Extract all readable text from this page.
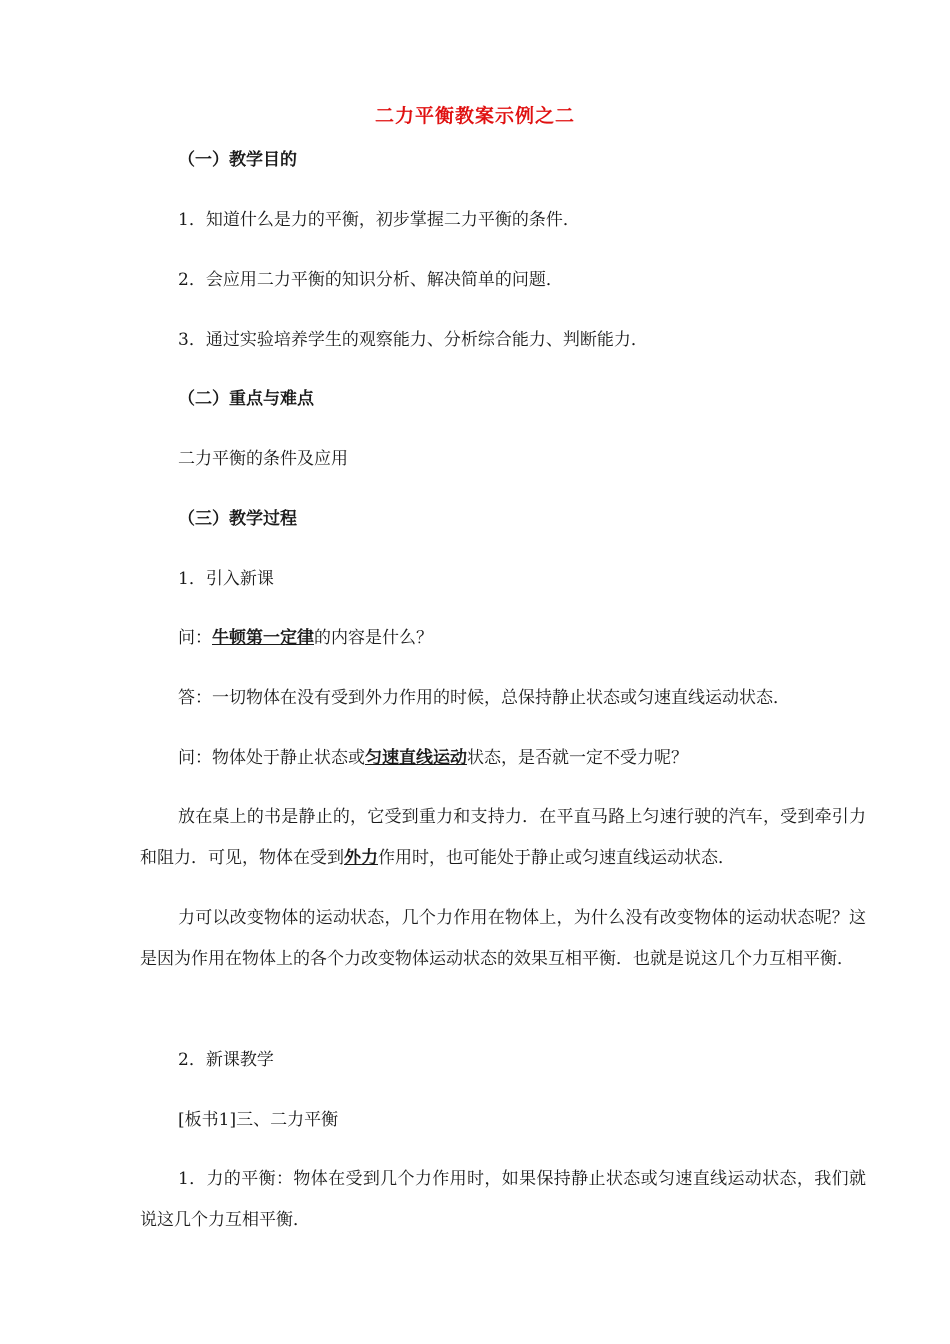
二力平衡教案示例之二
（一）教学目的
1．知道什么是力的平衡，初步掌握二力平衡的条件．
2．会应用二力平衡的知识分析、解决简单的问题．
3．通过实验培养学生的观察能力、分析综合能力、判断能力．
（二）重点与难点
二力平衡的条件及应用
（三）教学过程
1．引入新课
问：牛顿第一定律的内容是什么？
答：一切物体在没有受到外力作用的时候，总保持静止状态或匀速直线运动状态．
问：物体处于静止状态或匀速直线运动状态，是否就一定不受力呢？
放在桌上的书是静止的，它受到重力和支持力．在平直马路上匀速行驶的汽车，受到牵引力和阻力．可见，物体在受到外力作用时，也可能处于静止或匀速直线运动状态．
力可以改变物体的运动状态，几个力作用在物体上，为什么没有改变物体的运动状态呢？这是因为作用在物体上的各个力改变物体运动状态的效果互相平衡．也就是说这几个力互相平衡．
2．新课教学
[板书1]三、二力平衡
1．力的平衡：物体在受到几个力作用时，如果保持静止状态或匀速直线运动状态，我们就说这几个力互相平衡．
